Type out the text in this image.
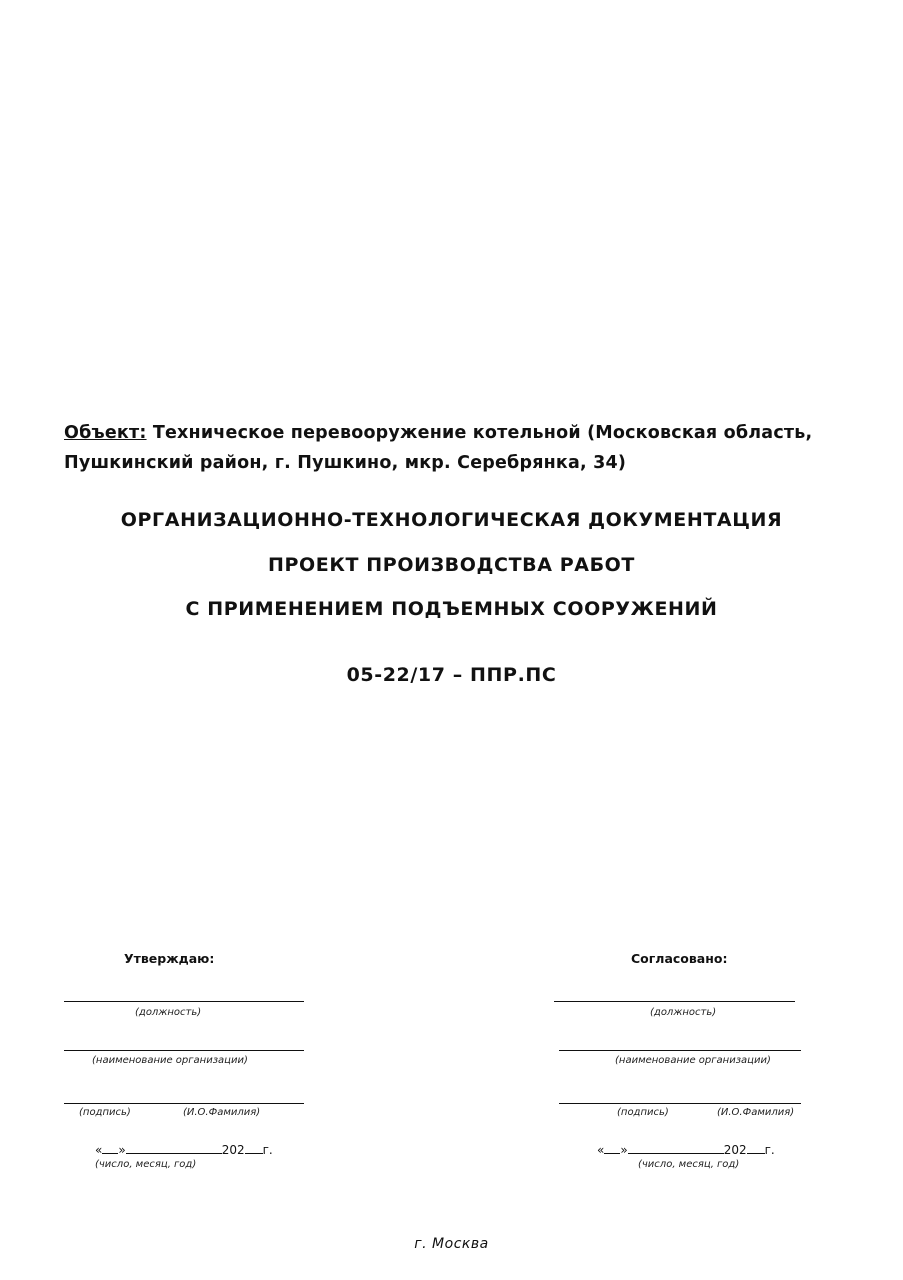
Объект: Техническое перевооружение котельной (Московская область, Пушкинский район, г. Пушкино, мкр. Серебрянка, 34)
ОРГАНИЗАЦИОННО-ТЕХНОЛОГИЧЕСКАЯ ДОКУМЕНТАЦИЯ
ПРОЕКТ ПРОИЗВОДСТВА РАБОТ
С ПРИМЕНЕНИЕМ ПОДЪЕМНЫХ СООРУЖЕНИЙ
05-22/17 – ППР.ПС
Утверждаю:
(должность)
(наименование организации)
(подпись)	(И.О.Фамилия)
« »	202 г.
(число, месяц, год)
Согласовано:
(должность)
(наименование организации)
(подпись)	(И.О.Фамилия)
« »	202 г.
(число, месяц, год)
г. Москва
